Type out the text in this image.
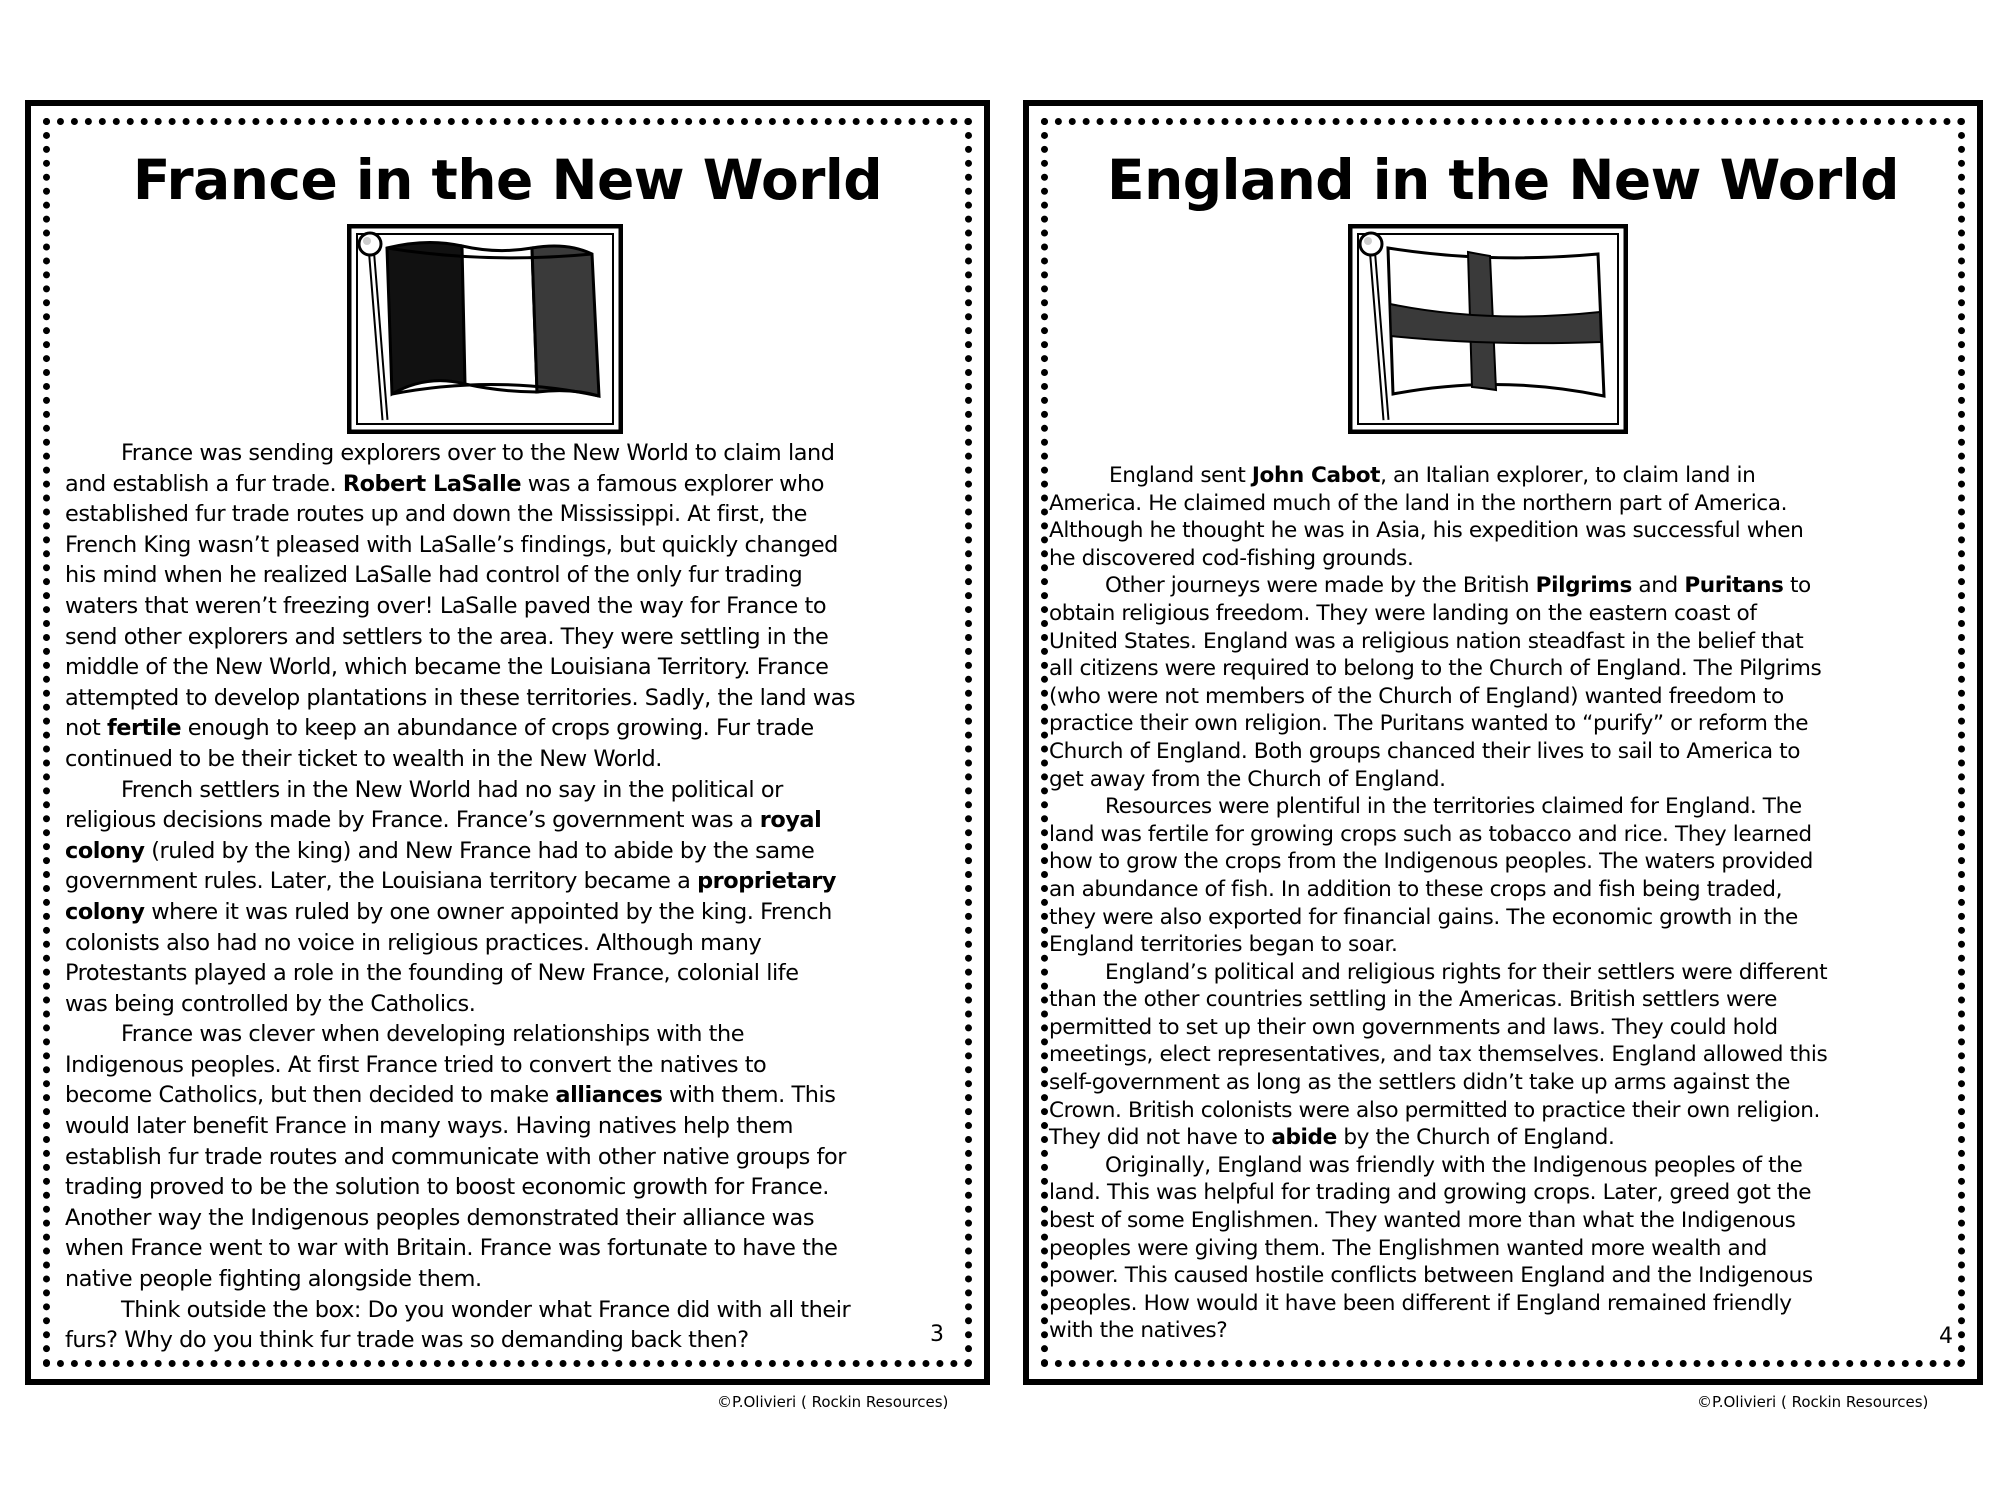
France in the New World

France was sending explorers over to the New World to claim land

and establish a fur trade. Robert LaSalle was a famous explorer who

established fur trade routes up and down the Mississippi. At first, the

French King wasn’t pleased with LaSalle’s findings, but quickly changed

his mind when he realized LaSalle had control of the only fur trading

waters that weren’t freezing over! LaSalle paved the way for France to

send other explorers and settlers to the area. They were settling in the

middle of the New World, which became the Louisiana Territory. France

attempted to develop plantations in these territories. Sadly, the land was

not fertile enough to keep an abundance of crops growing. Fur trade

continued to be their ticket to wealth in the New World.

French settlers in the New World had no say in the political or

religious decisions made by France. France’s government was a royal

colony (ruled by the king) and New France had to abide by the same

government rules. Later, the Louisiana territory became a proprietary

colony where it was ruled by one owner appointed by the king. French

colonists also had no voice in religious practices. Although many

Protestants played a role in the founding of New France, colonial life

was being controlled by the Catholics.

France was clever when developing relationships with the

Indigenous peoples. At first France tried to convert the natives to

become Catholics, but then decided to make alliances with them. This

would later benefit France in many ways. Having natives help them

establish fur trade routes and communicate with other native groups for

trading proved to be the solution to boost economic growth for France.

Another way the Indigenous peoples demonstrated their alliance was

when France went to war with Britain. France was fortunate to have the

native people fighting alongside them.

Think outside the box: Do you wonder what France did with all their

furs? Why do you think fur trade was so demanding back then?	3
©P.Olivieri ( Rockin Resources)
England in the New World

England sent John Cabot, an Italian explorer, to claim land in

America. He claimed much of the land in the northern part of America.

Although he thought he was in Asia, his expedition was successful when

he discovered cod-fishing grounds.

Other journeys were made by the British Pilgrims and Puritans to

obtain religious freedom. They were landing on the eastern coast of

United States. England was a religious nation steadfast in the belief that

all citizens were required to belong to the Church of England. The Pilgrims

(who were not members of the Church of England) wanted freedom to

practice their own religion. The Puritans wanted to “purify” or reform the

Church of England. Both groups chanced their lives to sail to America to

get away from the Church of England.

Resources were plentiful in the territories claimed for England. The

land was fertile for growing crops such as tobacco and rice. They learned

how to grow the crops from the Indigenous peoples. The waters provided

an abundance of fish. In addition to these crops and fish being traded,

they were also exported for financial gains. The economic growth in the

England territories began to soar.

England’s political and religious rights for their settlers were different

than the other countries settling in the Americas. British settlers were

permitted to set up their own governments and laws. They could hold

meetings, elect representatives, and tax themselves. England allowed this

self-government as long as the settlers didn’t take up arms against the

Crown. British colonists were also permitted to practice their own religion.

They did not have to abide by the Church of England.

Originally, England was friendly with the Indigenous peoples of the

land. This was helpful for trading and growing crops. Later, greed got the

best of some Englishmen. They wanted more than what the Indigenous

peoples were giving them. The Englishmen wanted more wealth and

power. This caused hostile conflicts between England and the Indigenous

peoples. How would it have been different if England remained friendly

with the natives?	4
©P.Olivieri ( Rockin Resources)
